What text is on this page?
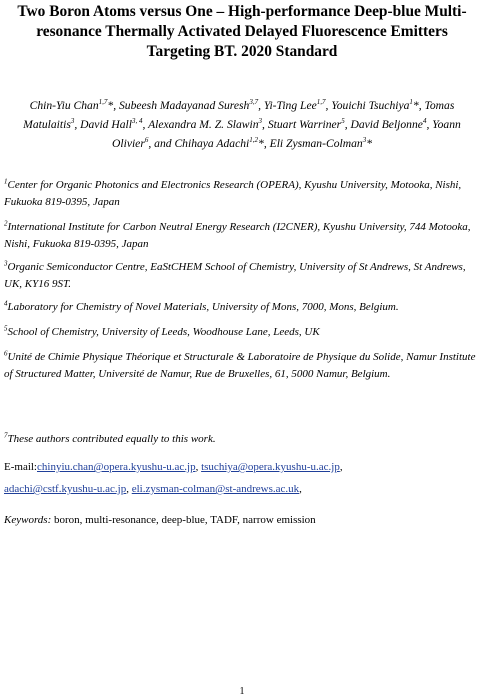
Two Boron Atoms versus One – High-performance Deep-blue Multi-resonance Thermally Activated Delayed Fluorescence Emitters Targeting BT. 2020 Standard
Chin-Yiu Chan$^{1,7}$*, Subeesh Madayanad Suresh$^{3,7}$, Yi-Ting Lee$^{1,7}$, Youichi Tsuchiya$^1$*, Tomas Matulaitis$^3$, David Hall$^{3, 4}$, Alexandra M. Z. Slawin$^3$, Stuart Warriner$^5$, David Beljonne$^4$, Yoann Olivier$^6$, and Chihaya Adachi$^{1,2}$*, Eli Zysman-Colman$^3$*
$^1$Center for Organic Photonics and Electronics Research (OPERA), Kyushu University, Motooka, Nishi, Fukuoka 819-0395, Japan
$^2$International Institute for Carbon Neutral Energy Research (I2CNER), Kyushu University, 744 Motooka, Nishi, Fukuoka 819-0395, Japan
$^3$Organic Semiconductor Centre, EaStCHEM School of Chemistry, University of St Andrews, St Andrews, UK, KY16 9ST.
$^4$Laboratory for Chemistry of Novel Materials, University of Mons, 7000, Mons, Belgium.
$^5$School of Chemistry, University of Leeds, Woodhouse Lane, Leeds, UK
$^6$Unité de Chimie Physique Théorique et Structurale & Laboratoire de Physique du Solide, Namur Institute of Structured Matter, Université de Namur, Rue de Bruxelles, 61, 5000 Namur, Belgium.
$^7$These authors contributed equally to this work.
E-mail:chinyiu.chan@opera.kyushu-u.ac.jp, tsuchiya@opera.kyushu-u.ac.jp,
adachi@cstf.kyushu-u.ac.jp, eli.zysman-colman@st-andrews.ac.uk,
Keywords: boron, multi-resonance, deep-blue, TADF, narrow emission
1
